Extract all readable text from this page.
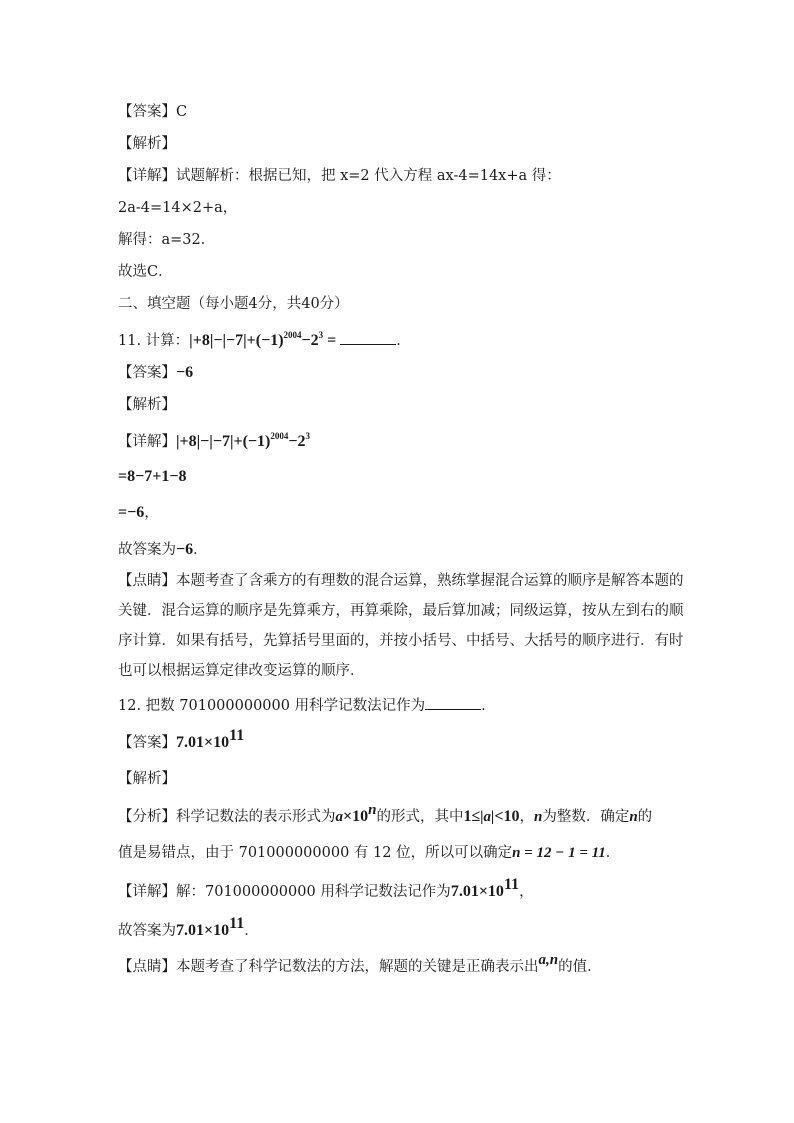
【答案】C
【解析】
【详解】试题解析：根据已知，把 x=2 代入方程 ax-4=14x+a 得：
2a-4=14×2+a，
解得：a=32．
故选C．
二、填空题（每小题4分，共40分）
11. 计算：$|+8|-|-7|+(-1)^{2004}-2^3$ =	．
【答案】−6
【解析】
【详解】$|+8|-|-7|+(-1)^{2004}-2^3$
=8−7+1−8
=−6，
故答案为−6．
【点睛】本题考查了含乘方的有理数的混合运算，熟练掌握混合运算的顺序是解答本题的
关键．混合运算的顺序是先算乘方，再算乘除，最后算加减；同级运算，按从左到右的顺
序计算．如果有括号，先算括号里面的，并按小括号、中括号、大括号的顺序进行．有时
也可以根据运算定律改变运算的顺序．
12. 把数 701000000000 用科学记数法记作为	．
【答案】$7.01\times 10^{11}$
【解析】
【分析】科学记数法的表示形式为$a\times 10^n$的形式，其中1≤|a|<10，n为整数．确定n的
值是易错点，由于 701000000000 有 12 位，所以可以确定n = 12 − 1 = 11．
【详解】解：701000000000 用科学记数法记作为$7.01\times 10^{11}$，
故答案为$7.01\times 10^{11}$．
【点睛】本题考查了科学记数法的方法，解题的关键是正确表示出$^{a,n}$的值．
